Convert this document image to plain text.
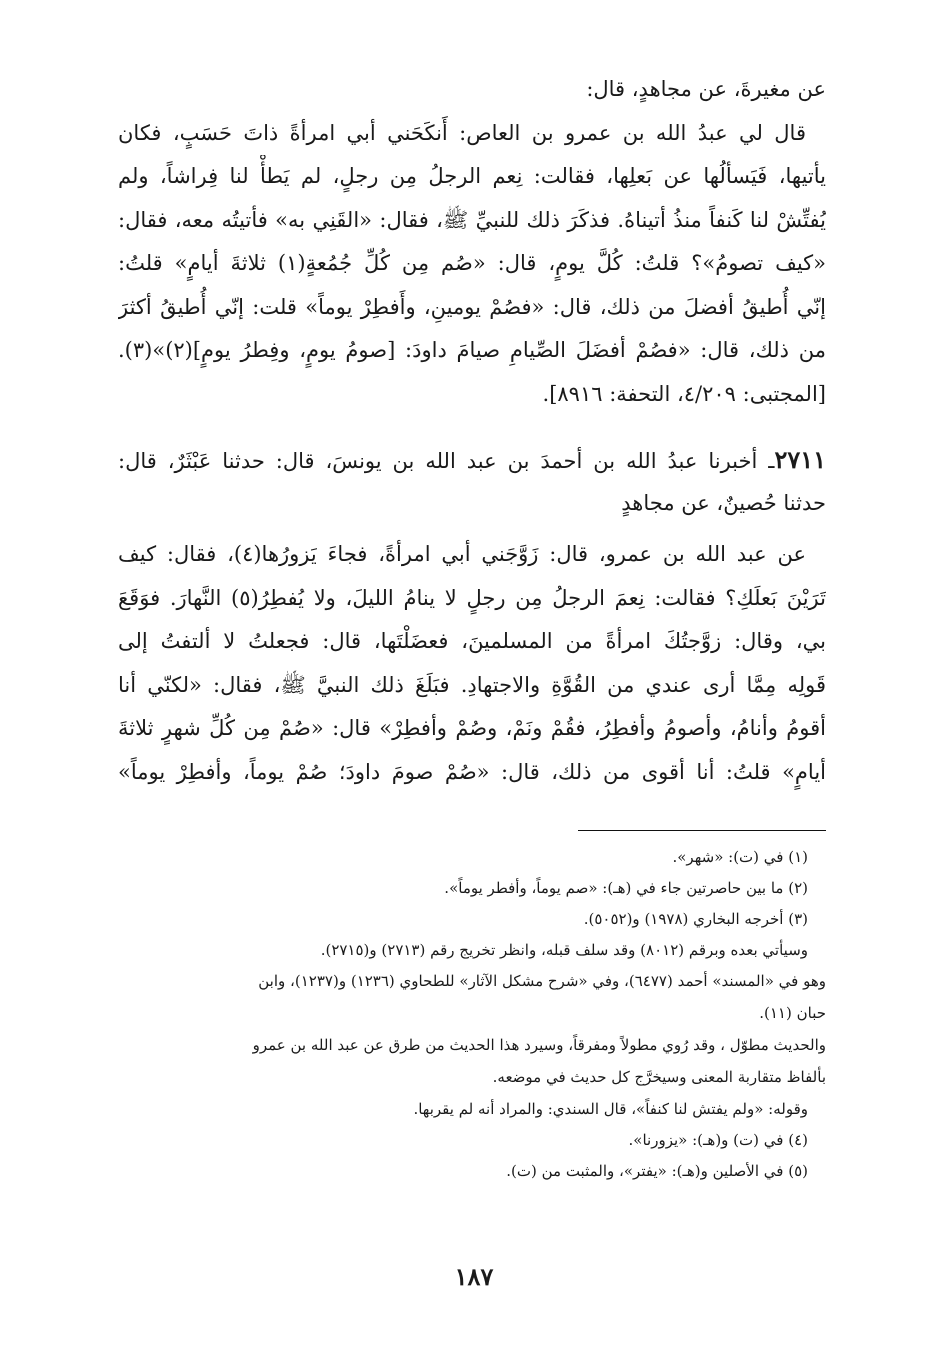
عن مغيرةَ، عن مجاهدٍ، قال:
قال لي عبدُ الله بن عمرو بن العاص: أَنكَحَني أبي امرأةً ذاتَ حَسَبٍ، فكان
يأتيها، فَيَسألُها عن بَعلِها، فقالت: نِعم الرجلُ مِن رجلٍ، لم يَطأْ لنا فِراشاً، ولم
يُفتِّشْ لنا كَنفاً منذُ أتيناهُ. فذكَرَ ذلك للنبيِّ ﷺ، فقال: «القَنِي به» فأتيتُه معه، فقال:
«كيف تصومُ»؟ قلتُ: كُلَّ يومٍ، قال: «صُم مِن كُلِّ جُمُعةٍ(١) ثلاثةَ أيامٍ» قلتُ:
إنّي أُطيقُ أفضلَ من ذلك، قال: «فصُمْ يومينِ، وأَفطِرْ يوماً» قلت: إنّي أُطيقُ أكثرَ
من ذلك، قال: «فصُمْ أفضَلَ الصِّيامِ صيامَ داودَ: [صومُ يومٍ، وفِطرُ يومٍ](٢)»(٣).
[المجتبى: ٤/٢٠٩، التحفة: ٨٩١٦].
٢٧١١ـ أخبرنا عبدُ الله بن أحمدَ بن عبد الله بن يونسَ، قال: حدثنا عَبْثَرٌ، قال:
حدثنا حُصينٌ، عن مجاهدٍ
عن عبد الله بن عمرو، قال: زَوَّجَني أبي امرأةً، فجاءَ يَزورُها(٤)، فقال: كيف
تَرَيْنَ بَعلَكِ؟ فقالت: نِعمَ الرجلُ مِن رجلٍ لا ينامُ الليلَ، ولا يُفطِرُ(٥) النَّهارَ. فوَقَعَ
بي، وقال: زوَّجتُكَ امرأةً من المسلمينَ، فعضَلْتَها، قال: فجعلتُ لا ألتفتُ إلى
قَولِه مِمَّا أرى عندي من القُوَّةِ والاجتهادِ. فبَلَغَ ذلك النبيَّ ﷺ، فقال: «لكنّي أنا
أقومُ وأنامُ، وأصومُ وأفطِرُ، فقُمْ ونَمْ، وصُمْ وأفطِرْ» قال: «صُمْ مِن كُلِّ شهرٍ ثلاثةَ
أيامٍ» قلتُ: أنا أقوى من ذلك، قال: «صُمْ صومَ داودَ؛ صُمْ يوماً، وأفطِرْ يوماً»
(١) في (ت): «شهر».
(٢) ما بين حاصرتين جاء في (هـ): «صم يوماً، وأفطر يوماً».
(٣) أخرجه البخاري (١٩٧٨) و(٥٠٥٢).
وسيأتي بعده وبرقم (٨٠١٢) وقد سلف قبله، وانظر تخريج رقم (٢٧١٣) و(٢٧١٥).
وهو في «المسند» أحمد (٦٤٧٧)، وفي «شرح مشكل الآثار» للطحاوي (١٢٣٦) و(١٢٣٧)، وابن
حبان (١١).
والحديث مطوّل ، وقد رُوي مطولاً ومفرقاً، وسيرد هذا الحديث من طرق عن عبد الله بن عمرو
بألفاظ متقاربة المعنى وسيخرَّج كل حديث في موضعه.
وقوله: «ولم يفتش لنا كنفاً»، قال السندي: والمراد أنه لم يقربها.
(٤) في (ت) و(هـ): «يزورنا».
(٥) في الأصلين و(هـ): «يفتر»، والمثبت من (ت).
١٨٧
